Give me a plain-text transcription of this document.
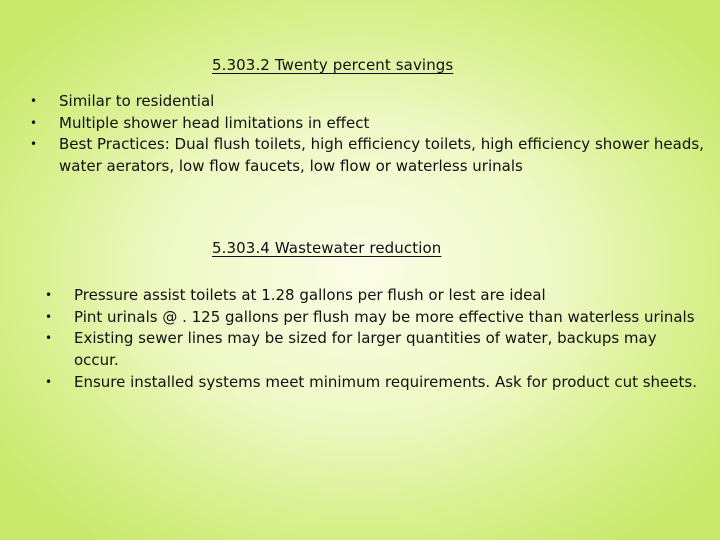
5.303.2 Twenty percent savings
• Similar to residential
• Multiple shower head limitations in effect
• Best Practices: Dual flush toilets, high efficiency toilets, high efficiency shower heads, water aerators, low flow faucets, low flow or waterless urinals
5.303.4 Wastewater reduction
• Pressure assist toilets at 1.28 gallons per flush or lest are ideal
• Pint urinals @ . 125 gallons per flush may be more effective than waterless urinals
• Existing sewer lines may be sized for larger quantities of water, backups may occur.
• Ensure installed systems meet minimum requirements. Ask for product cut sheets.
